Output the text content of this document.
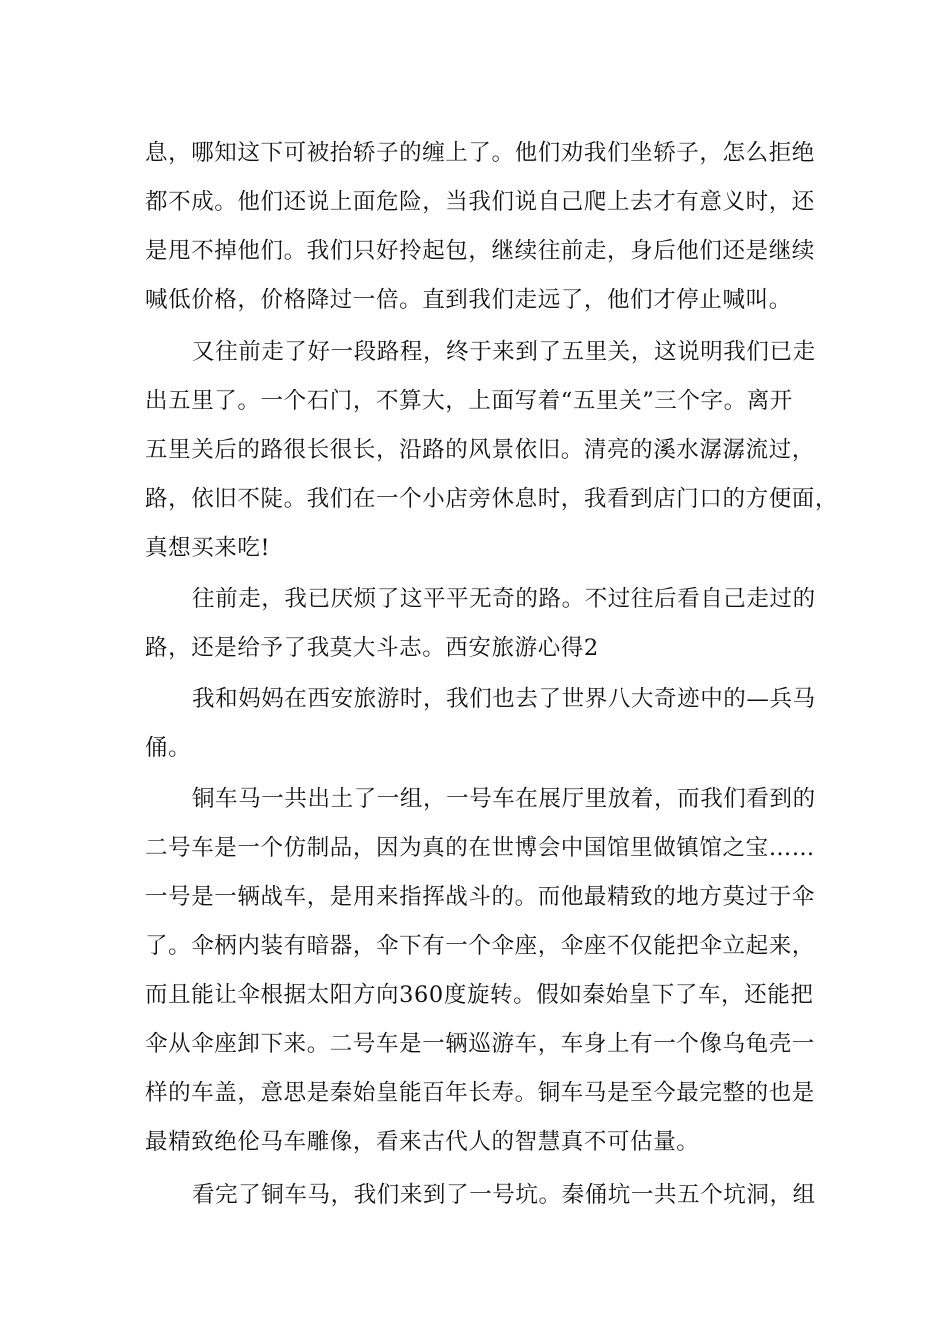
息，哪知这下可被抬轿子的缠上了。他们劝我们坐轿子，怎么拒绝
都不成。他们还说上面危险，当我们说自己爬上去才有意义时，还
是甩不掉他们。我们只好拎起包，继续往前走，身后他们还是继续
喊低价格，价格降过一倍。直到我们走远了，他们才停止喊叫。
又往前走了好一段路程，终于来到了五里关，这说明我们已走
出五里了。一个石门，不算大，上面写着“五里关”三个字。离开
五里关后的路很长很长，沿路的风景依旧。清亮的溪水潺潺流过，
路，依旧不陡。我们在一个小店旁休息时，我看到店门口的方便面，
真想买来吃!
往前走，我已厌烦了这平平无奇的路。不过往后看自己走过的
路，还是给予了我莫大斗志。西安旅游心得2
我和妈妈在西安旅游时，我们也去了世界八大奇迹中的—兵马
俑。
铜车马一共出土了一组，一号车在展厅里放着，而我们看到的
二号车是一个仿制品，因为真的在世博会中国馆里做镇馆之宝……
一号是一辆战车，是用来指挥战斗的。而他最精致的地方莫过于伞
了。伞柄内装有暗器，伞下有一个伞座，伞座不仅能把伞立起来，
而且能让伞根据太阳方向360度旋转。假如秦始皇下了车，还能把
伞从伞座卸下来。二号车是一辆巡游车，车身上有一个像乌龟壳一
样的车盖，意思是秦始皇能百年长寿。铜车马是至今最完整的也是
最精致绝伦马车雕像，看来古代人的智慧真不可估量。
看完了铜车马，我们来到了一号坑。秦俑坑一共五个坑洞，组
